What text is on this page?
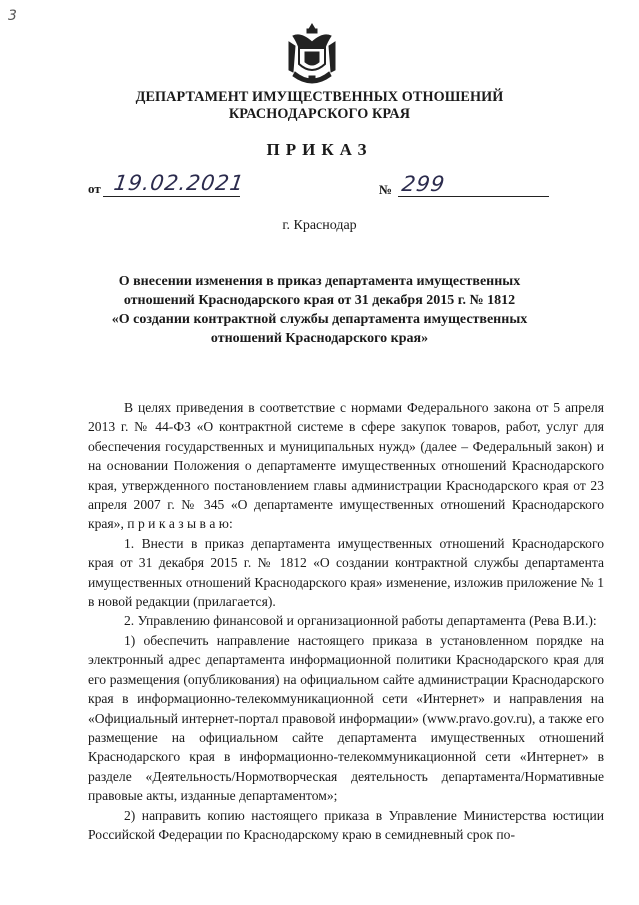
3
ДЕПАРТАМЕНТ ИМУЩЕСТВЕННЫХ ОТНОШЕНИЙ
КРАСНОДАРСКОГО КРАЯ
ПРИКАЗ
от 19.02.2021	№ 299
г. Краснодар
О внесении изменения в приказ департамента имущественных
отношений Краснодарского края от 31 декабря 2015 г. № 1812
«О создании контрактной службы департамента имущественных
отношений Краснодарского края»

В целях приведения в соответствие с нормами Федерального закона от 5 апреля 2013 г. № 44-ФЗ «О контрактной системе в сфере закупок товаров, работ, услуг для обеспечения государственных и муниципальных нужд» (далее – Федеральный закон) и на основании Положения о департаменте имущественных отношений Краснодарского края, утвержденного постановлением главы администрации Краснодарского края от 23 апреля 2007 г. № 345 «О департаменте имущественных отношений Краснодарского края», п р и к а з ы в а ю:

1. Внести в приказ департамента имущественных отношений Краснодарского края от 31 декабря 2015 г. № 1812 «О создании контрактной службы департамента имущественных отношений Краснодарского края» изменение, изложив приложение № 1 в новой редакции (прилагается).

2. Управлению финансовой и организационной работы департамента (Рева В.И.):

1) обеспечить направление настоящего приказа в установленном порядке на электронный адрес департамента информационной политики Краснодарского края для его размещения (опубликования) на официальном сайте администрации Краснодарского края в информационно-телекоммуникационной сети «Интернет» и направления на «Официальный интернет-портал правовой информации» (www.pravo.gov.ru), а также его размещение на официальном сайте департамента имущественных отношений Краснодарского края в информационно-телекоммуникационной сети «Интернет» в разделе «Деятельность/Нормотворческая деятельность департамента/Нормативные правовые акты, изданные департаментом»;

2) направить копию настоящего приказа в Управление Министерства юстиции Российской Федерации по Краснодарскому краю в семидневный срок по-
